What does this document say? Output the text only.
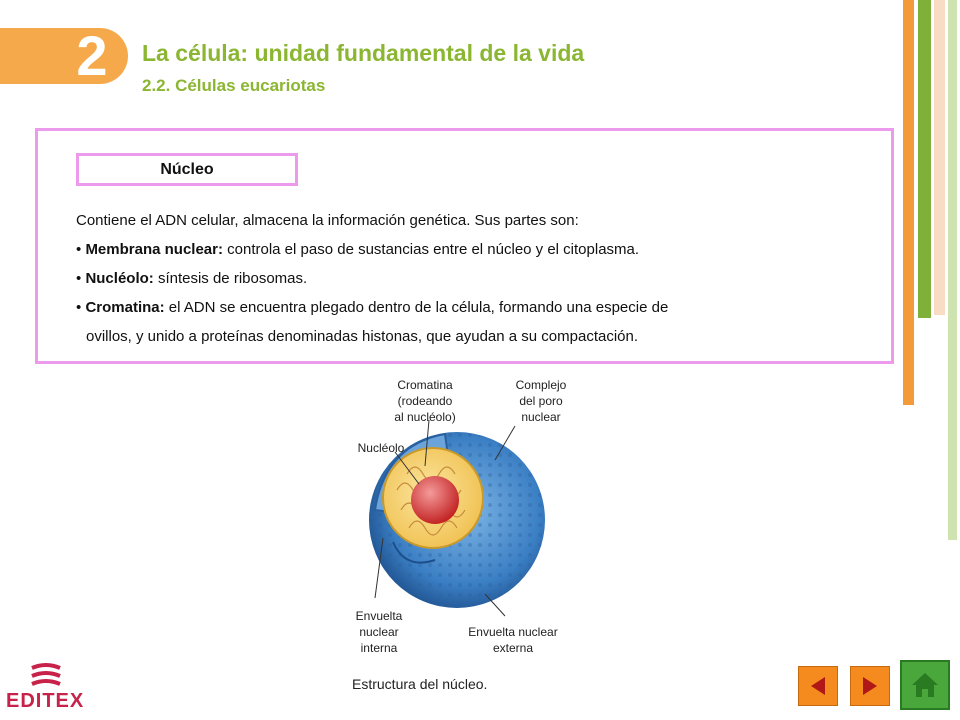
2 La célula: unidad fundamental de la vida
2.2. Células eucariotas
Núcleo
Contiene el ADN celular, almacena la información genética. Sus partes son:
• Membrana nuclear: controla el paso de sustancias entre el núcleo y el citoplasma.
• Nucléolo: síntesis de ribosomas.
• Cromatina: el ADN se encuentra plegado dentro de la célula, formando una especie de
ovillos, y unido a proteínas denominadas histonas, que ayudan a su compactación.
Cromatina
(rodeando
al nucléolo)
Complejo
del poro
nuclear
Nucléolo
Envuelta
nuclear
interna
Envuelta nuclear
externa
Estructura del núcleo.
EDITEX
